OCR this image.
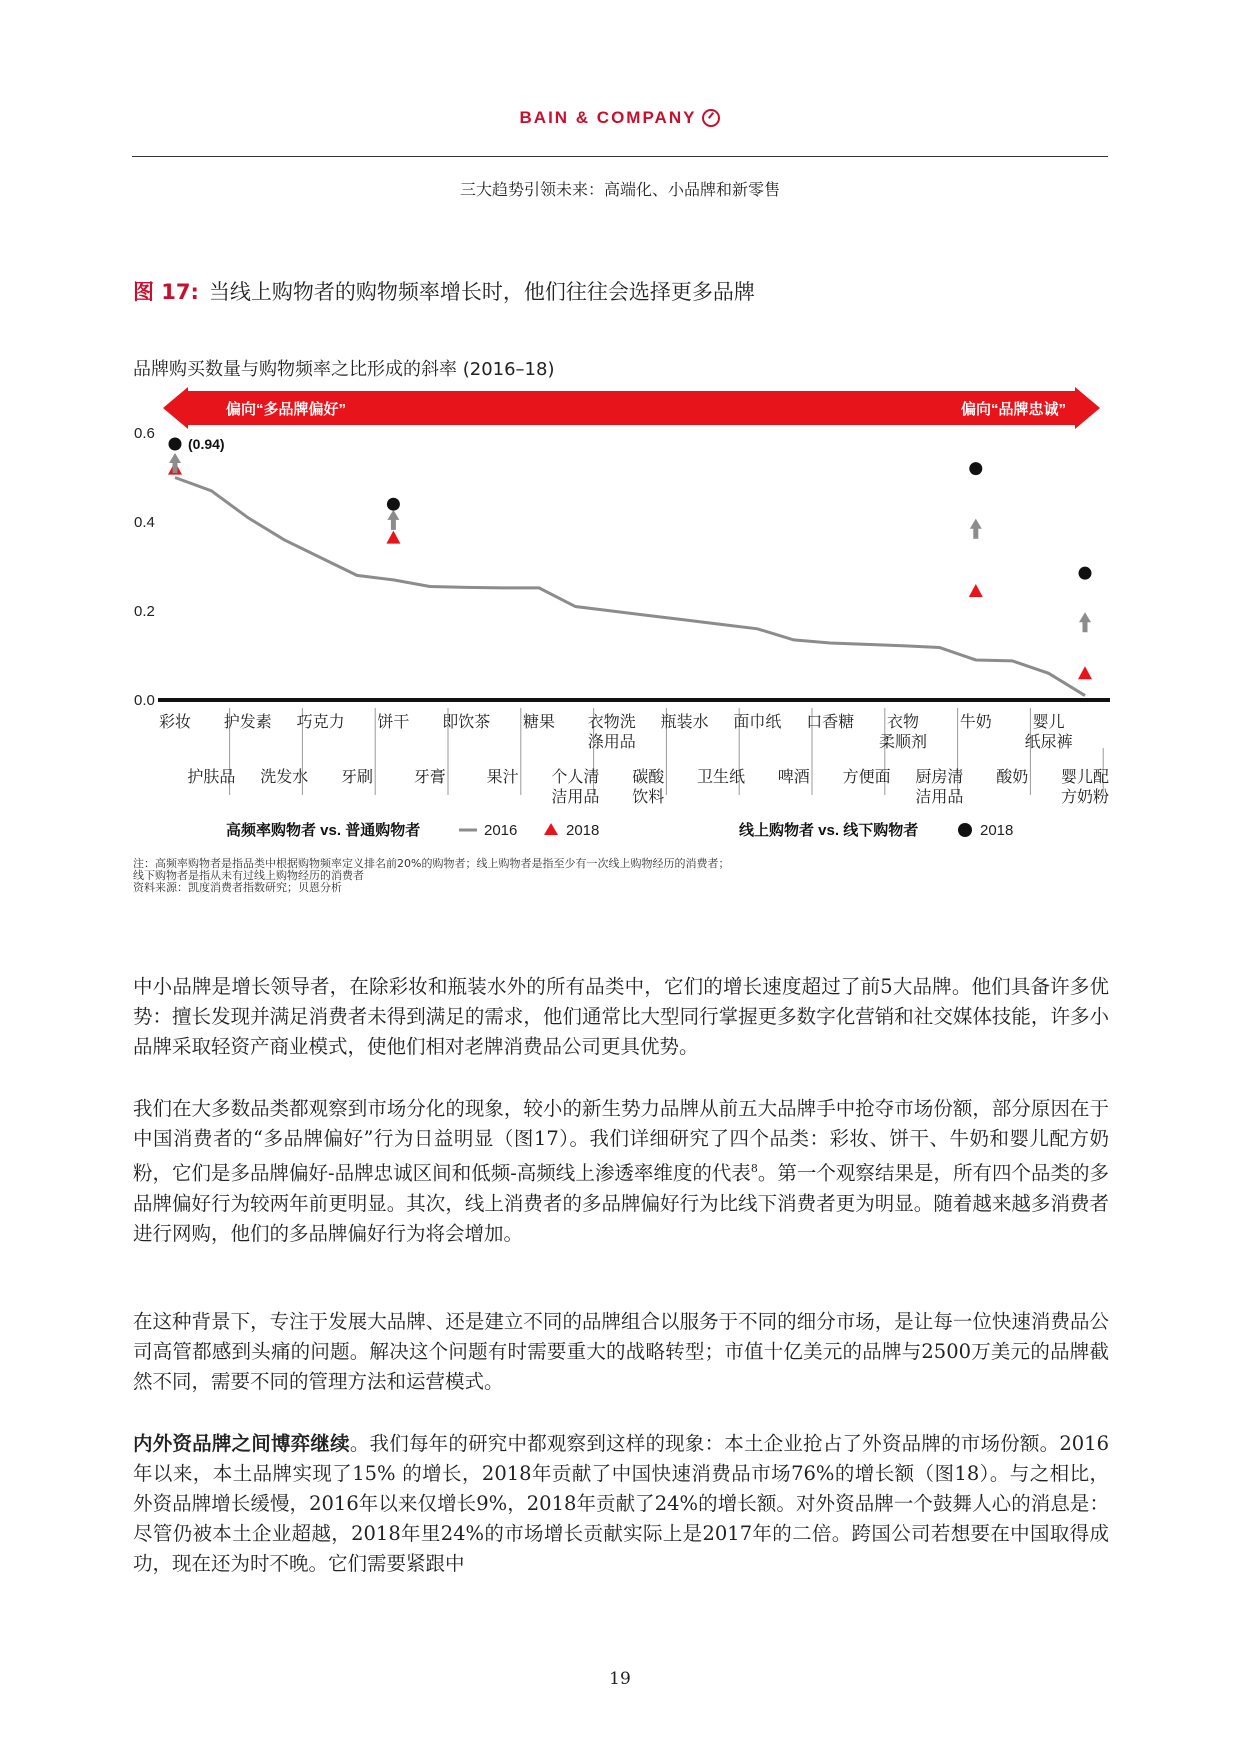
BAIN & COMPANY
三大趋势引领未来：高端化、小品牌和新零售
图 17: 当线上购物者的购物频率增长时，他们往往会选择更多品牌
品牌购买数量与购物频率之比形成的斜率 (2016–18)
偏向“多品牌偏好”	偏向“品牌忠诚”
0.6
0.4
0.2
0.0
彩妆 护发素 巧克力 饼干 即饮茶 糖果 衣物洗涤用品
瓶装水 面巾纸 口香糖	衣物柔顺剂
牛奶	婴儿纸尿裤
护肤品 洗发水 牙刷	牙膏	果汁 个人清洁用品
碳酸饮料
卫生纸 啤酒 方便面 厨房清洁用品
酸奶 婴儿配方奶粉
(0.94)
高频率购物者 vs. 普通购物者	2016	2018	线上购物者 vs. 线下购物者	2018
注：高频率购物者是指品类中根据购物频率定义排名前20%的购物者；线上购物者是指至少有一次线上购物经历的消费者；
线下购物者是指从未有过线上购物经历的消费者
资料来源：凯度消费者指数研究；贝恩分析
中小品牌是增长领导者，在除彩妆和瓶装水外的所有品类中，它们的增长速度超过了前5大品牌。他们具备许多优势：擅长发现并满足消费者未得到满足的需求，他们通常比大型同行掌握更多数字化营销和社交媒体技能，许多小品牌采取轻资产商业模式，使他们相对老牌消费品公司更具优势。
我们在大多数品类都观察到市场分化的现象，较小的新生势力品牌从前五大品牌手中抢夺市场份额，部分原因在于中国消费者的“多品牌偏好”行为日益明显（图17）。我们详细研究了四个品类：彩妆、饼干、牛奶和婴儿配方奶粉，它们是多品牌偏好-品牌忠诚区间和低频-高频线上渗透率维度的代表$^8$。第一个观察结果是，所有四个品类的多品牌偏好行为较两年前更明显。其次，线上消费者的多品牌偏好行为比线下消费者更为明显。随着越来越多消费者进行网购，他们的多品牌偏好行为将会增加。
在这种背景下，专注于发展大品牌、还是建立不同的品牌组合以服务于不同的细分市场，是让每一位快速消费品公司高管都感到头痛的问题。解决这个问题有时需要重大的战略转型；市值十亿美元的品牌与2500万美元的品牌截然不同，需要不同的管理方法和运营模式。
内外资品牌之间博弈继续。我们每年的研究中都观察到这样的现象：本土企业抢占了外资品牌的市场份额。2016年以来，本土品牌实现了15% 的增长，2018年贡献了中国快速消费品市场76%的增长额（图18）。与之相比，外资品牌增长缓慢，2016年以来仅增长9%，2018年贡献了24%的增长额。对外资品牌一个鼓舞人心的消息是：尽管仍被本土企业超越，2018年里24%的市场增长贡献实际上是2017年的二倍。跨国公司若想要在中国取得成功，现在还为时不晚。它们需要紧跟中
19
